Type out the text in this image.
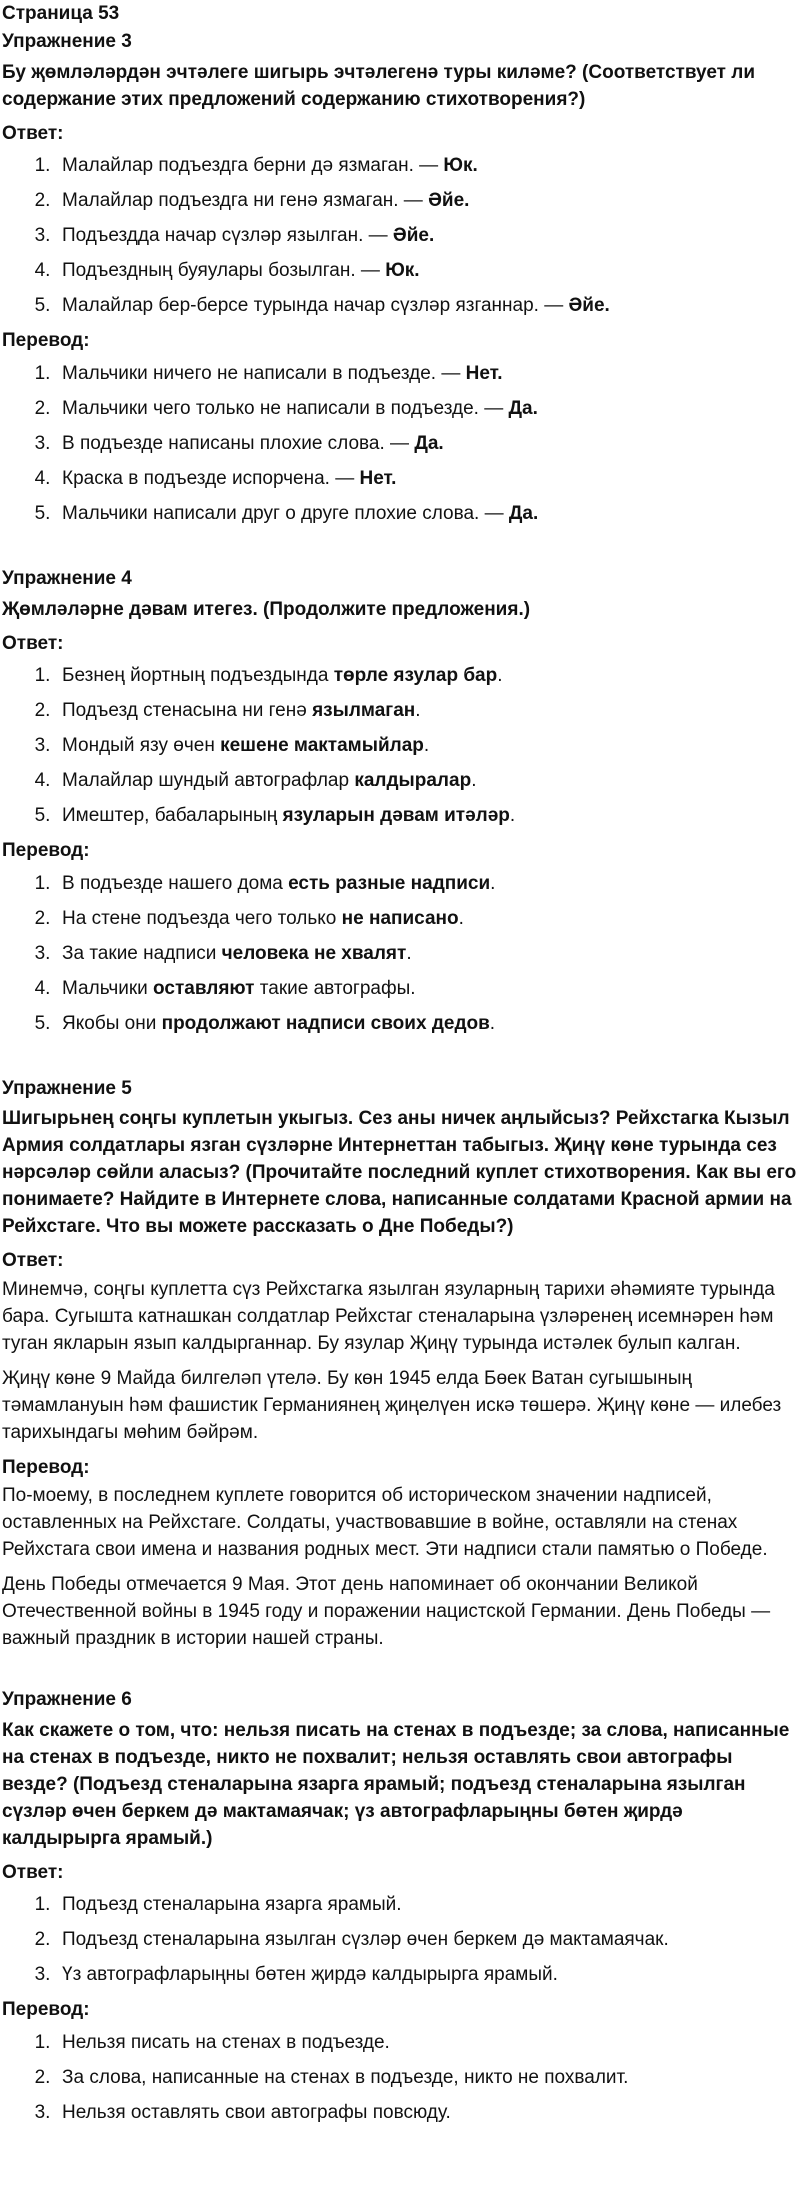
Страница 53
Упражнение 3
Бу җөмләләрдән эчтәлеге шигырь эчтәлегенә туры киләме? (Соответствует ли содержание этих предложений содержанию стихотворения?)
Ответ:
1. Малайлар подъездга берни дә язмаган. — Юк.
2. Малайлар подъездга ни генә язмаган. — Әйе.
3. Подъездда начар сүзләр язылган. — Әйе.
4. Подъездның буяулары бозылган. — Юк.
5. Малайлар бер-берсе турында начар сүзләр язганнар. — Әйе.
Перевод:
1. Мальчики ничего не написали в подъезде. — Нет.
2. Мальчики чего только не написали в подъезде. — Да.
3. В подъезде написаны плохие слова. — Да.
4. Краска в подъезде испорчена. — Нет.
5. Мальчики написали друг о друге плохие слова. — Да.
Упражнение 4
Җөмләләрне дәвам итегез. (Продолжите предложения.)
Ответ:
1. Безнең йортның подъездында төрле язулар бар.
2. Подъезд стенасына ни генә язылмаган.
3. Мондый язу өчен кешене мактамыйлар.
4. Малайлар шундый автографлар калдыралар.
5. Имештер, бабаларының язуларын дәвам итәләр.
Перевод:
1. В подъезде нашего дома есть разные надписи.
2. На стене подъезда чего только не написано.
3. За такие надписи человека не хвалят.
4. Мальчики оставляют такие автографы.
5. Якобы они продолжают надписи своих дедов.
Упражнение 5
Шигырьнең соңгы куплетын укыгыз. Сез аны ничек аңлыйсыз? Рейхстагка Кызыл Армия солдатлары язган сүзләрне Интернеттан табыгыз. Җиңү көне турында сез нәрсәләр сөйли аласыз? (Прочитайте последний куплет стихотворения. Как вы его понимаете? Найдите в Интернете слова, написанные солдатами Красной армии на Рейхстаге. Что вы можете рассказать о Дне Победы?)
Ответ:
Минемчә, соңгы куплетта сүз Рейхстагка язылган язуларның тарихи әһәмияте турында бара. Сугышта катнашкан солдатлар Рейхстаг стеналарына үзләренең исемнәрен һәм туган якларын язып калдырганнар. Бу язулар Җиңү турында истәлек булып калган.
Җиңү көне 9 Майда билгеләп үтелә. Бу көн 1945 елда Бөек Ватан сугышының тәмамлануын һәм фашистик Германиянең җиңелүен искә төшерә. Җиңү көне — илебез тарихындагы мөһим бәйрәм.
Перевод:
По-моему, в последнем куплете говорится об историческом значении надписей, оставленных на Рейхстаге. Солдаты, участвовавшие в войне, оставляли на стенах Рейхстага свои имена и названия родных мест. Эти надписи стали памятью о Победе.
День Победы отмечается 9 Мая. Этот день напоминает об окончании Великой Отечественной войны в 1945 году и поражении нацистской Германии. День Победы — важный праздник в истории нашей страны.
Упражнение 6
Как скажете о том, что: нельзя писать на стенах в подъезде; за слова, написанные на стенах в подъезде, никто не похвалит; нельзя оставлять свои автографы везде? (Подъезд стеналарына язарга ярамый; подъезд стеналарына язылган сүзләр өчен беркем дә мактамаячак; үз автографларыңны бөтен җирдә калдырырга ярамый.)
Ответ:
1. Подъезд стеналарына язарга ярамый.
2. Подъезд стеналарына язылган сүзләр өчен беркем дә мактамаячак.
3. Үз автографларыңны бөтен җирдә калдырырга ярамый.
Перевод:
1. Нельзя писать на стенах в подъезде.
2. За слова, написанные на стенах в подъезде, никто не похвалит.
3. Нельзя оставлять свои автографы повсюду.
